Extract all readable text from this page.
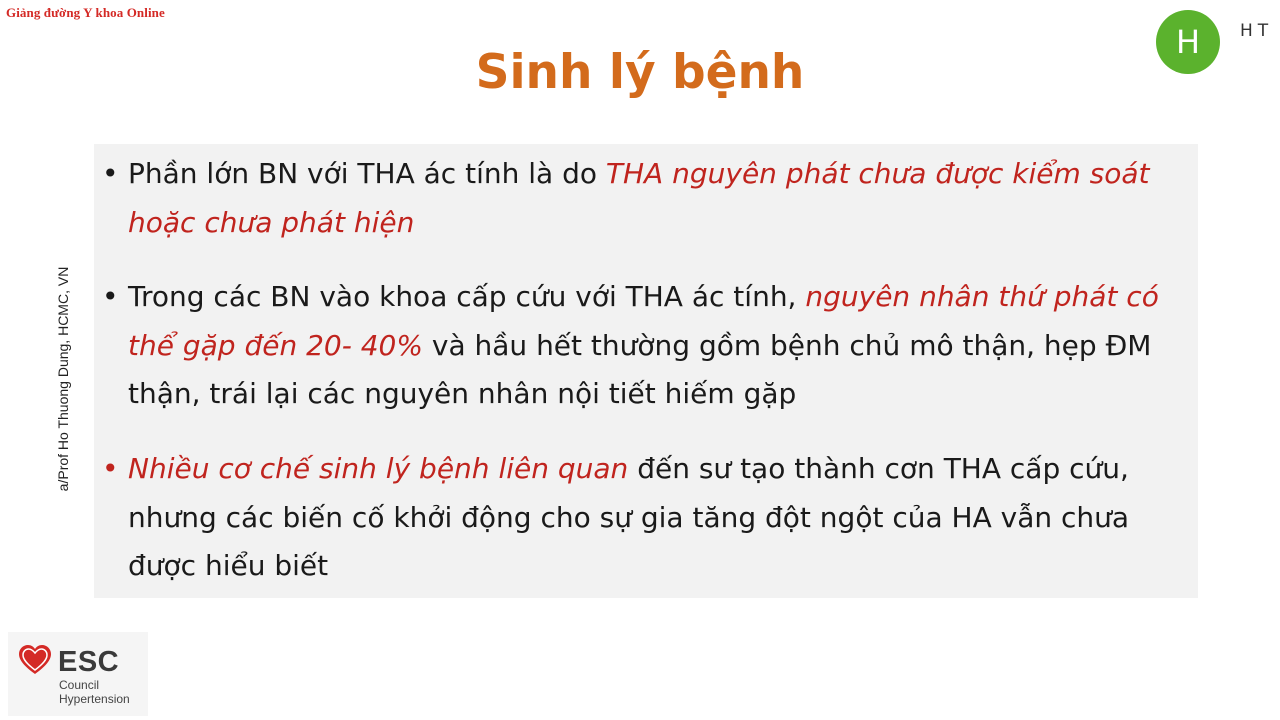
Giảng đường Y khoa Online
Sinh lý bệnh
H	HT
a/Prof Ho Thuong Dung, HCMC, VN
• Phần lớn BN với THA ác tính là do THA nguyên phát chưa được kiểm soát hoặc chưa phát hiện
• Trong các BN vào khoa cấp cứu với THA ác tính, nguyên nhân thứ phát có thể gặp đến 20- 40% và hầu hết thường gồm bệnh chủ mô thận, hẹp ĐM thận, trái lại các nguyên nhân nội tiết hiếm gặp
• Nhiều cơ chế sinh lý bệnh liên quan đến sư tạo thành cơn THA cấp cứu, nhưng các biến cố khởi động cho sự gia tăng đột ngột của HA vẫn chưa được hiểu biết
ESC
Council
Hypertension
